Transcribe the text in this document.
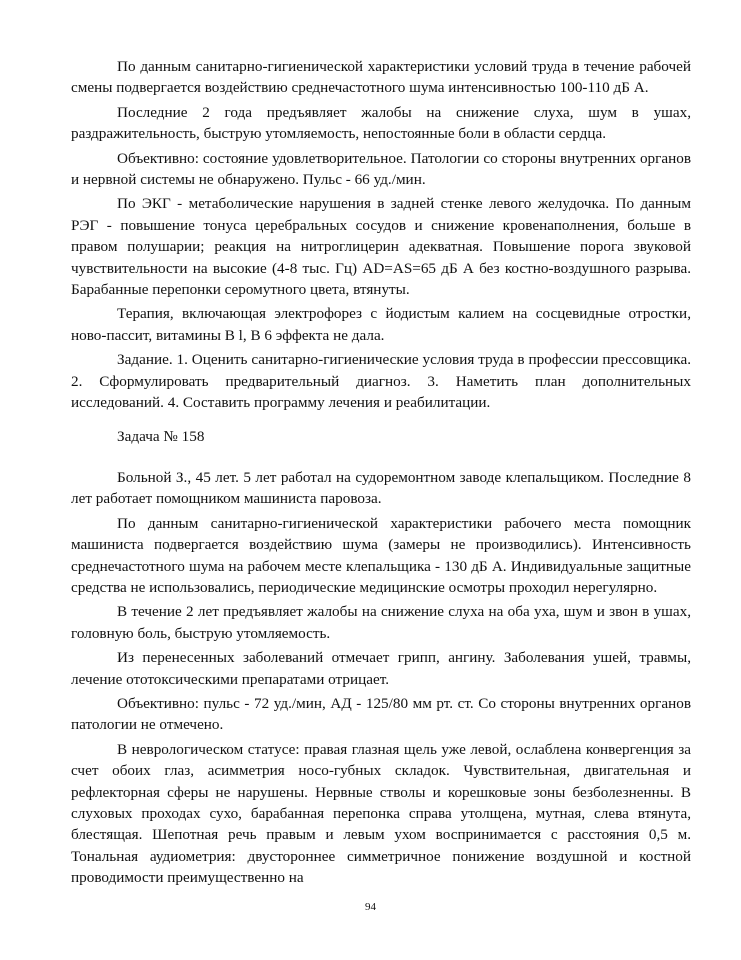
По данным санитарно-гигиенической характеристики условий труда в течение рабочей смены подвергается воздействию среднечастотного шума интенсивностью 100-110 дБ А.

Последние 2 года предъявляет жалобы на снижение слуха, шум в ушах, раздражительность, быструю утомляемость, непостоянные боли в области сердца.

Объективно: состояние удовлетворительное. Патологии со стороны внутренних органов и нервной системы не обнаружено. Пульс - 66 уд./мин.

По ЭКГ - метаболические нарушения в задней стенке левого желудочка. По данным РЭГ - повышение тонуса церебральных сосудов и снижение кровенаполнения, больше в правом полушарии; реакция на нитроглицерин адекватная. Повышение порога звуковой чувствительности на высокие (4-8 тыс. Гц) AD=AS=65 дБ А без костно-воздушного разрыва. Барабанные перепонки серомутного цвета, втянуты.

Терапия, включающая электрофорез с йодистым калием на сосцевидные отростки, ново-пассит, витамины В l, В 6 эффекта не дала.

Задание. 1. Оценить санитарно-гигиенические условия труда в профессии прессовщика. 2. Сформулировать предварительный диагноз. 3. Наметить план дополнительных исследований. 4. Составить программу лечения и реабилитации.

Задача № 158

Больной З., 45 лет. 5 лет работал на судоремонтном заводе клепальщиком. Последние 8 лет работает помощником машиниста паровоза.

По данным санитарно-гигиенической характеристики рабочего места помощник машиниста подвергается воздействию шума (замеры не производились). Интенсивность среднечастотного шума на рабочем месте клепальщика - 130 дБ А. Индивидуальные защитные средства не использовались, периодические медицинские осмотры проходил нерегулярно.

В течение 2 лет предъявляет жалобы на снижение слуха на оба уха, шум и звон в ушах, головную боль, быструю утомляемость.

Из перенесенных заболеваний отмечает грипп, ангину. Заболевания ушей, травмы, лечение ототоксическими препаратами отрицает.

Объективно: пульс - 72 уд./мин, АД - 125/80 мм рт. ст. Со стороны внутренних органов патологии не отмечено.

В неврологическом статусе: правая глазная щель уже левой, ослаблена конвергенция за счет обоих глаз, асимметрия носо-губных складок. Чувствительная, двигательная и рефлекторная сферы не нарушены. Нервные стволы и корешковые зоны безболезненны. В слуховых проходах сухо, барабанная перепонка справа утолщена, мутная, слева втянута, блестящая. Шепотная речь правым и левым ухом воспринимается с расстояния 0,5 м. Тональная аудиометрия: двустороннее симметричное понижение воздушной и костной проводимости преимущественно на

94
